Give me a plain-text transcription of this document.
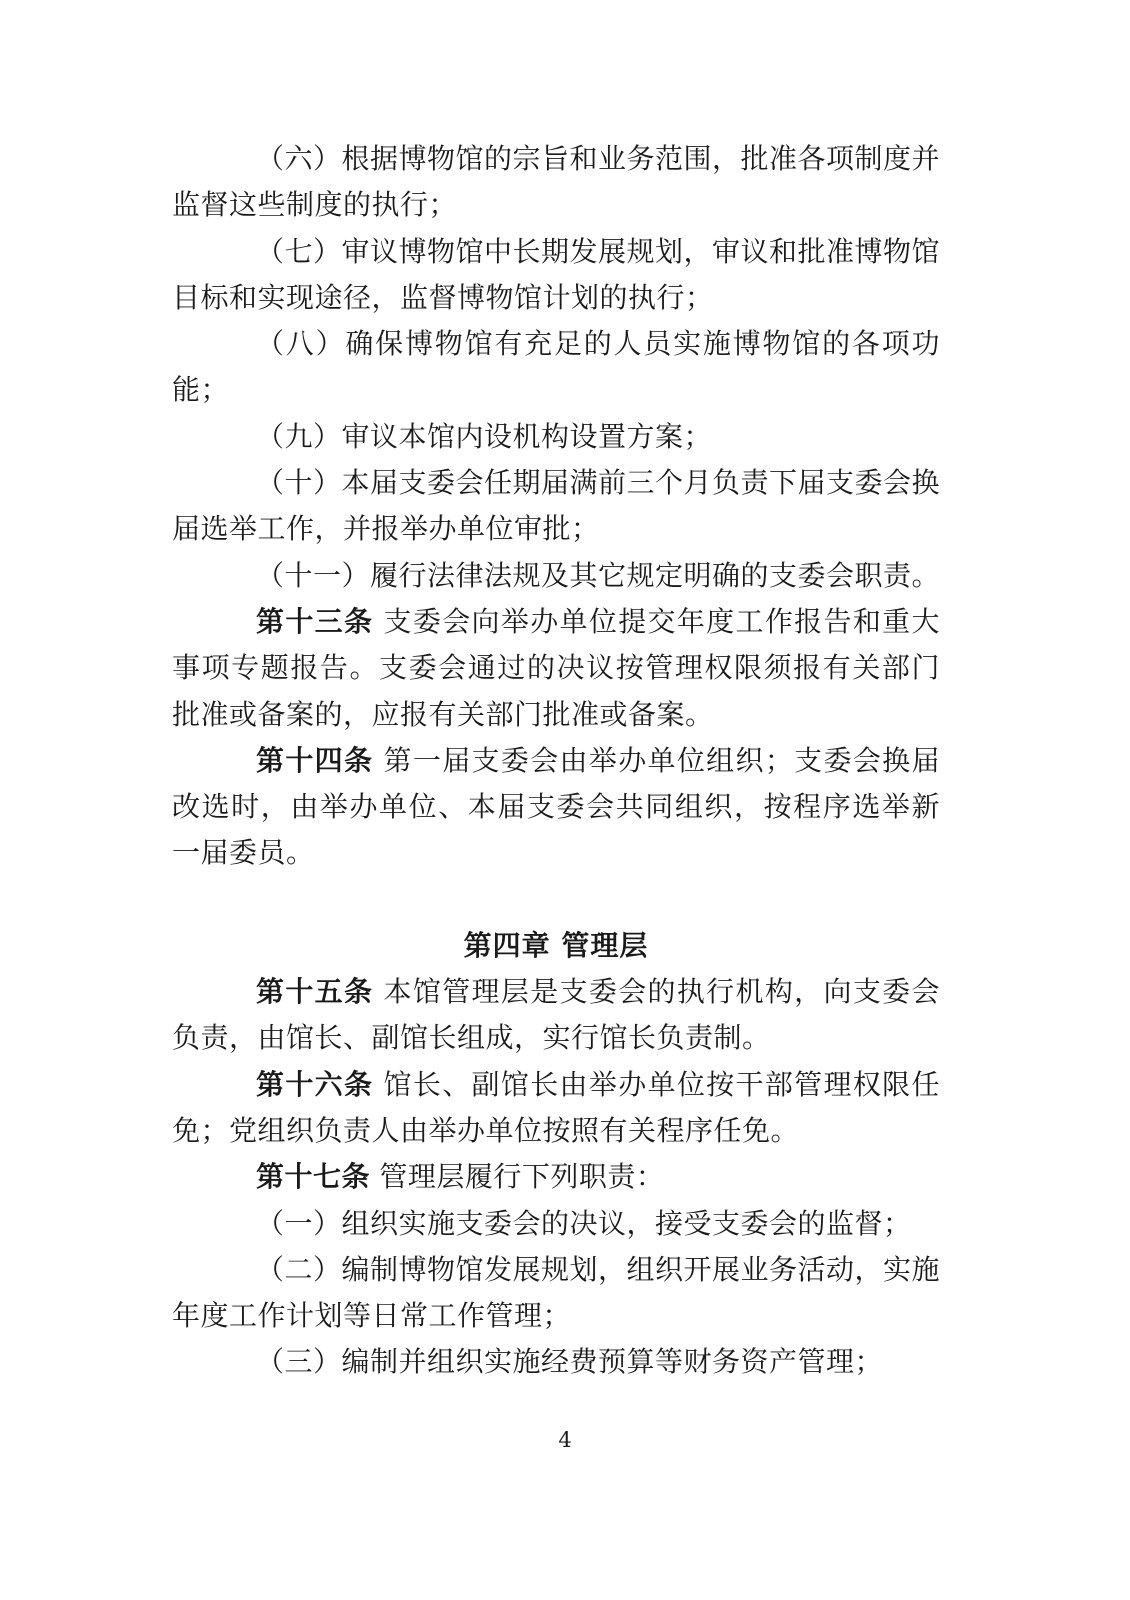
（六）根据博物馆的宗旨和业务范围，批准各项制度并监督这些制度的执行；

（七）审议博物馆中长期发展规划，审议和批准博物馆目标和实现途径，监督博物馆计划的执行；

（八）确保博物馆有充足的人员实施博物馆的各项功能；

（九）审议本馆内设机构设置方案；

（十）本届支委会任期届满前三个月负责下届支委会换届选举工作，并报举办单位审批；

（十一）履行法律法规及其它规定明确的支委会职责。

第十三条 支委会向举办单位提交年度工作报告和重大事项专题报告。支委会通过的决议按管理权限须报有关部门批准或备案的，应报有关部门批准或备案。

第十四条 第一届支委会由举办单位组织；支委会换届改选时，由举办单位、本届支委会共同组织，按程序选举新一届委员。

第四章 管理层

第十五条 本馆管理层是支委会的执行机构，向支委会负责，由馆长、副馆长组成，实行馆长负责制。

第十六条 馆长、副馆长由举办单位按干部管理权限任免；党组织负责人由举办单位按照有关程序任免。

第十七条 管理层履行下列职责：

（一）组织实施支委会的决议，接受支委会的监督；

（二）编制博物馆发展规划，组织开展业务活动，实施年度工作计划等日常工作管理；

（三）编制并组织实施经费预算等财务资产管理；

4
